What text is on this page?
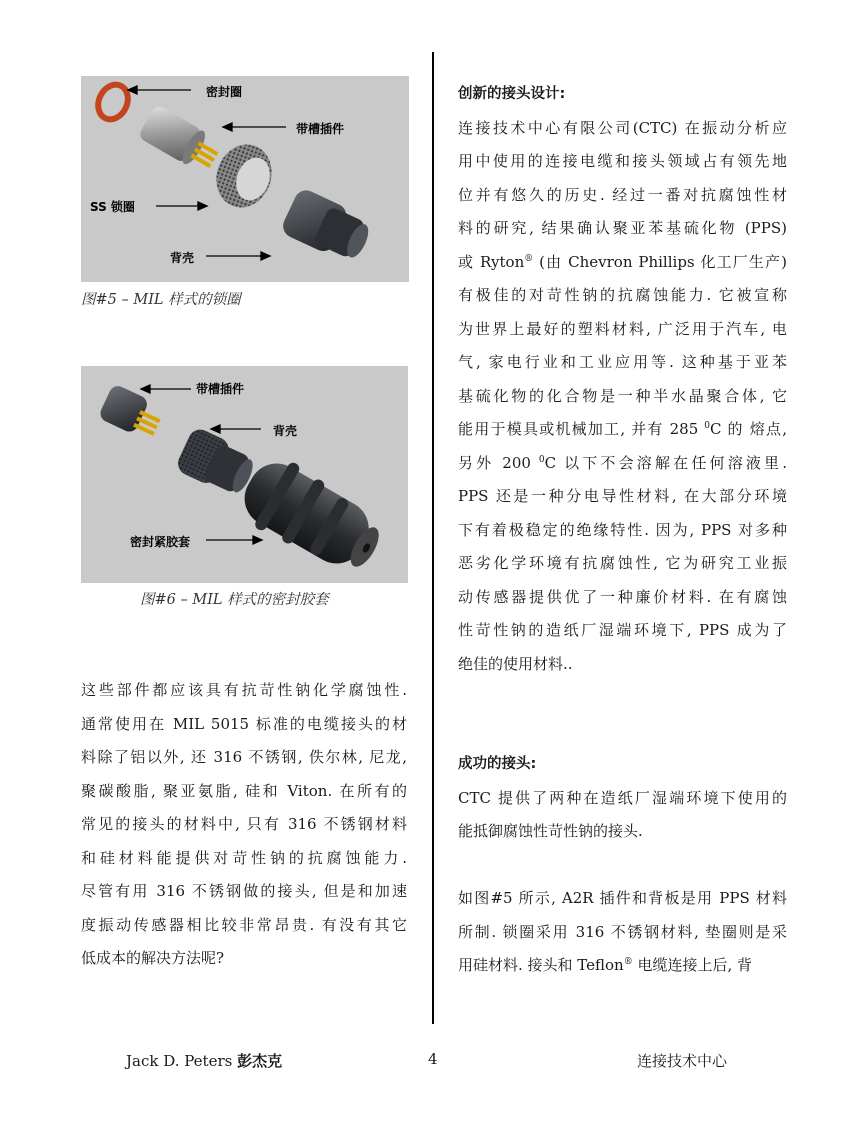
密封圈
带槽插件
SS 锁圈
背壳
图#5 – MIL 样式的锁圈
带槽插件
背壳
密封紧胶套
图#6 – MIL 样式的密封胶套
这些部件都应该具有抗苛性钠化学腐蚀性.
通常使用在 MIL 5015 标准的电缆接头的材
料除了铝以外, 还 316 不锈钢, 佚尔林, 尼龙,
聚碳酸脂, 聚亚氨脂, 硅和 Viton. 在所有的
常见的接头的材料中, 只有 316 不锈钢材料
和硅材料能提供对苛性钠的抗腐蚀能力.
尽管有用 316 不锈钢做的接头, 但是和加速
度振动传感器相比较非常昂贵. 有没有其它
低成本的解决方法呢?
创新的接头设计:
连接技术中心有限公司(CTC) 在振动分析应
用中使用的连接电缆和接头领域占有领先地
位并有悠久的历史. 经过一番对抗腐蚀性材
料的研究, 结果确认聚亚苯基硫化物 (PPS)
或 Ryton® (由 Chevron Phillips 化工厂生产)
有极佳的对苛性钠的抗腐蚀能力. 它被宣称
为世界上最好的塑料材料, 广泛用于汽车, 电
气, 家电行业和工业应用等. 这种基于亚苯
基硫化物的化合物是一种半水晶聚合体, 它
能用于模具或机械加工, 并有 285 $^0$C 的 熔点,
另外 200 $^0$C 以下不会溶解在任何溶液里.
PPS 还是一种分电导性材料, 在大部分环境
下有着极稳定的绝缘特性. 因为, PPS 对多种
恶劣化学环境有抗腐蚀性, 它为研究工业振
动传感器提供优了一种廉价材料. 在有腐蚀
性苛性钠的造纸厂湿端环境下, PPS 成为了
绝佳的使用材料..
成功的接头:
CTC 提供了两种在造纸厂湿端环境下使用的
能抵御腐蚀性苛性钠的接头.
如图#5 所示, A2R 插件和背板是用 PPS 材料
所制. 锁圈采用 316 不锈钢材料, 垫圈则是采
用硅材料. 接头和 Teflon® 电缆连接上后, 背
Jack D. Peters 彭杰克	4	连接技术中心
